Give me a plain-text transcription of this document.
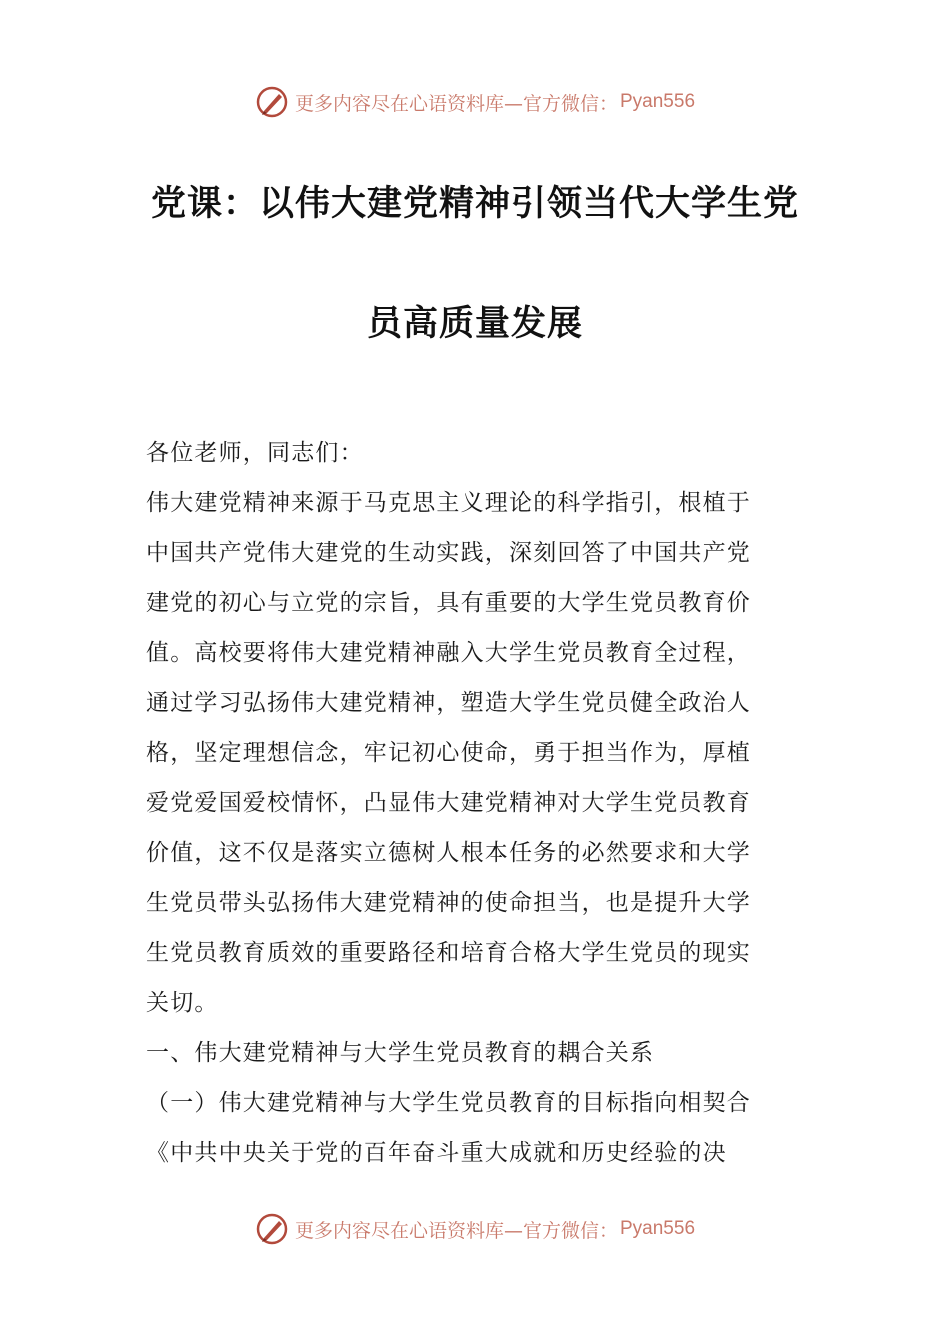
更多内容尽在心语资料库—官方微信： Pyan556
党课：以伟大建党精神引领当代大学生党
员高质量发展
各位老师，同志们：
伟大建党精神来源于马克思主义理论的科学指引，根植于
中国共产党伟大建党的生动实践，深刻回答了中国共产党
建党的初心与立党的宗旨，具有重要的大学生党员教育价
值。高校要将伟大建党精神融入大学生党员教育全过程，
通过学习弘扬伟大建党精神，塑造大学生党员健全政治人
格，坚定理想信念，牢记初心使命，勇于担当作为，厚植
爱党爱国爱校情怀，凸显伟大建党精神对大学生党员教育
价值，这不仅是落实立德树人根本任务的必然要求和大学
生党员带头弘扬伟大建党精神的使命担当，也是提升大学
生党员教育质效的重要路径和培育合格大学生党员的现实
关切。
一、伟大建党精神与大学生党员教育的耦合关系
（一）伟大建党精神与大学生党员教育的目标指向相契合
《中共中央关于党的百年奋斗重大成就和历史经验的决
更多内容尽在心语资料库—官方微信： Pyan556
